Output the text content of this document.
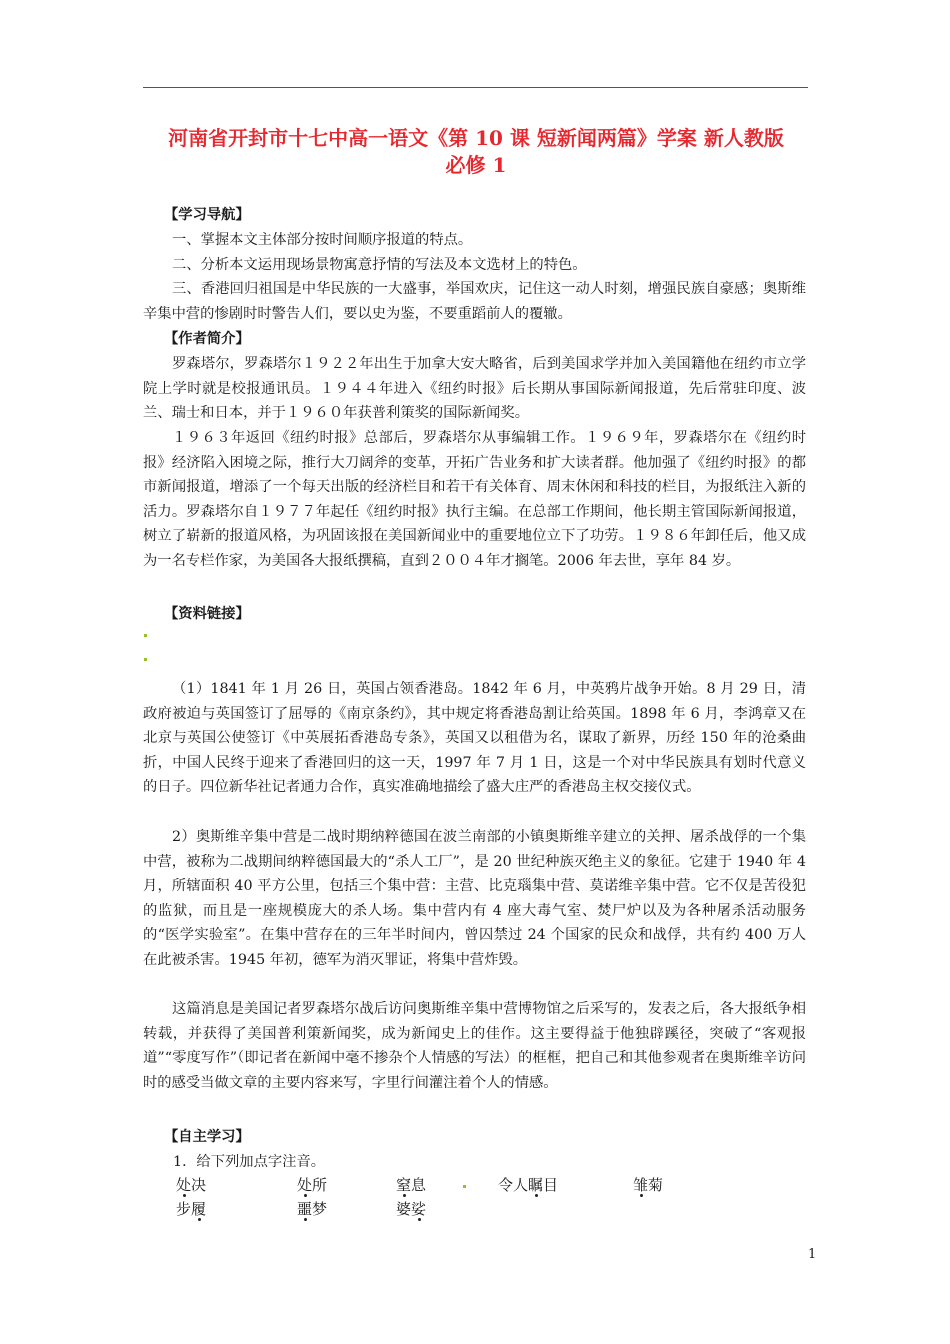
河南省开封市十七中高一语文《第 10 课 短新闻两篇》学案 新人教版
必修 1

【学习导航】

一、掌握本文主体部分按时间顺序报道的特点。

二、分析本文运用现场景物寓意抒情的写法及本文选材上的特色。

三、香港回归祖国是中华民族的一大盛事，举国欢庆，记住这一动人时刻，增强民族自豪感；奥斯维辛集中营的惨剧时时警告人们，要以史为鉴，不要重蹈前人的覆辙。

【作者简介】

罗森塔尔，罗森塔尔１９２２年出生于加拿大安大略省，后到美国求学并加入美国籍他在纽约市立学院上学时就是校报通讯员。１９４４年进入《纽约时报》后长期从事国际新闻报道，先后常驻印度、波兰、瑞士和日本，并于１９６０年获普利策奖的国际新闻奖。

１９６３年返回《纽约时报》总部后，罗森塔尔从事编辑工作。１９６９年，罗森塔尔在《纽约时报》经济陷入困境之际，推行大刀阔斧的变革，开拓广告业务和扩大读者群。他加强了《纽约时报》的都市新闻报道，增添了一个每天出版的经济栏目和若干有关体育、周末休闲和科技的栏目，为报纸注入新的活力。罗森塔尔自１９７７年起任《纽约时报》执行主编。在总部工作期间，他长期主管国际新闻报道，树立了崭新的报道风格，为巩固该报在美国新闻业中的重要地位立下了功劳。１９８６年卸任后，他又成为一名专栏作家，为美国各大报纸撰稿，直到２００４年才搁笔。2006 年去世，享年 84 岁。

【资料链接】

（1）1841 年 1 月 26 日，英国占领香港岛。1842 年 6 月，中英鸦片战争开始。8 月 29 日，清政府被迫与英国签订了屈辱的《南京条约》，其中规定将香港岛割让给英国。1898 年 6 月，李鸿章又在北京与英国公使签订《中英展拓香港岛专条》，英国又以租借为名，谋取了新界，历经 150 年的沧桑曲折，中国人民终于迎来了香港回归的这一天，1997 年 7 月 1 日，这是一个对中华民族具有划时代意义的日子。四位新华社记者通力合作，真实准确地描绘了盛大庄严的香港岛主权交接仪式。

2）奥斯维辛集中营是二战时期纳粹德国在波兰南部的小镇奥斯维辛建立的关押、屠杀战俘的一个集中营，被称为二战期间纳粹德国最大的“杀人工厂”，是 20 世纪种族灭绝主义的象征。它建于 1940 年 4 月，所辖面积 40 平方公里，包括三个集中营：主营、比克瑙集中营、莫诺维辛集中营。它不仅是苦役犯的监狱，而且是一座规模庞大的杀人场。集中营内有 4 座大毒气室、焚尸炉以及为各种屠杀活动服务的“医学实验室”。在集中营存在的三年半时间内，曾囚禁过 24 个国家的民众和战俘，共有约 400 万人在此被杀害。1945 年初，德军为消灭罪证，将集中营炸毁。

这篇消息是美国记者罗森塔尔战后访问奥斯维辛集中营博物馆之后采写的，发表之后，各大报纸争相转载，并获得了美国普利策新闻奖，成为新闻史上的佳作。这主要得益于他独辟蹊径，突破了“客观报道”“零度写作”（即记者在新闻中毫不掺杂个人情感的写法）的框框，把自己和其他参观者在奥斯维辛访问时的感受当做文章的主要内容来写，字里行间灌注着个人的情感。

【自主学习】

1．给下列加点字注音。

处决	处所	窒息	令人瞩目	雏菊
步履	噩梦	婆娑
1
